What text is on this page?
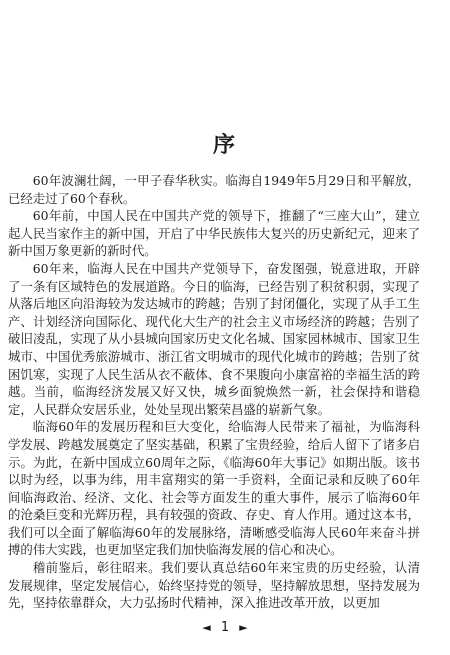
序

60年波澜壮阔，一甲子春华秋实。临海自1949年5月29日和平解放，已经走过了60个春秋。

60年前，中国人民在中国共产党的领导下，推翻了“三座大山”，建立起人民当家作主的新中国，开启了中华民族伟大复兴的历史新纪元，迎来了新中国万象更新的新时代。

60年来，临海人民在中国共产党领导下，奋发图强，锐意进取，开辟了一条有区域特色的发展道路。今日的临海，已经告别了积贫积弱，实现了从落后地区向沿海较为发达城市的跨越；告别了封闭僵化，实现了从手工生产、计划经济向国际化、现代化大生产的社会主义市场经济的跨越；告别了破旧凌乱，实现了从小县城向国家历史文化名城、国家园林城市、国家卫生城市、中国优秀旅游城市、浙江省文明城市的现代化城市的跨越；告别了贫困饥寒，实现了人民生活从衣不蔽体、食不果腹向小康富裕的幸福生活的跨越。当前，临海经济发展又好又快，城乡面貌焕然一新，社会保持和谐稳定，人民群众安居乐业，处处呈现出繁荣昌盛的崭新气象。

临海60年的发展历程和巨大变化，给临海人民带来了福祉，为临海科学发展、跨越发展奠定了坚实基础，积累了宝贵经验，给后人留下了诸多启示。为此，在新中国成立60周年之际，《临海60年大事记》如期出版。该书以时为经，以事为纬，用丰富翔实的第一手资料，全面记录和反映了60年间临海政治、经济、文化、社会等方面发生的重大事件，展示了临海60年的沧桑巨变和光辉历程，具有较强的资政、存史、育人作用。通过这本书，我们可以全面了解临海60年的发展脉络，清晰感受临海人民60年来奋斗拼搏的伟大实践，也更加坚定我们加快临海发展的信心和决心。

稽前鉴后，彰往昭来。我们要认真总结60年来宝贵的历史经验，认清发展规律，坚定发展信心，始终坚持党的领导，坚持解放思想，坚持发展为先，坚持依靠群众，大力弘扬时代精神，深入推进改革开放，以更加

◄ 1 ►
